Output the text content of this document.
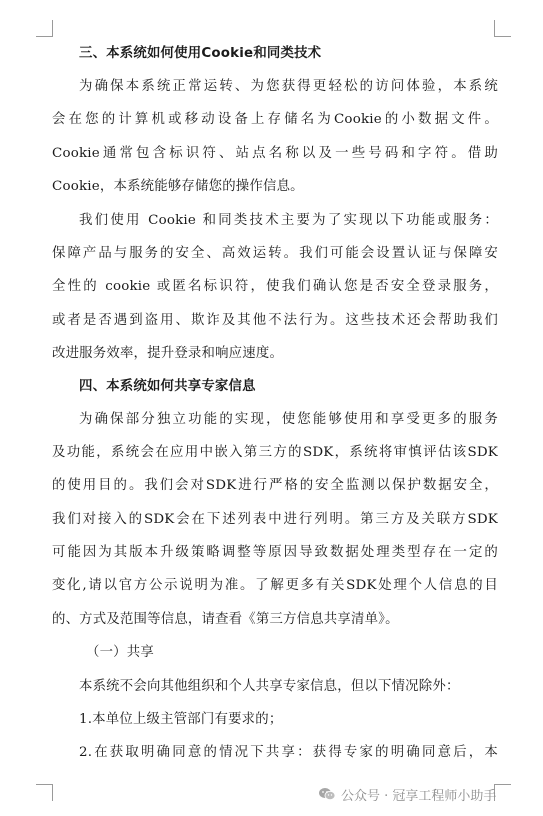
三、本系统如何使用Cookie和同类技术
为确保本系统正常运转、为您获得更轻松的访问体验，本系统
会在您的计算机或移动设备上存储名为Cookie的小数据文件。
Cookie通常包含标识符、站点名称以及一些号码和字符。借助
Cookie，本系统能够存储您的操作信息。
我们使用 Cookie 和同类技术主要为了实现以下功能或服务：
保障产品与服务的安全、高效运转。我们可能会设置认证与保障安
全性的 cookie 或匿名标识符，使我们确认您是否安全登录服务，
或者是否遇到盗用、欺诈及其他不法行为。这些技术还会帮助我们
改进服务效率，提升登录和响应速度。
四、本系统如何共享专家信息
为确保部分独立功能的实现，使您能够使用和享受更多的服务
及功能，系统会在应用中嵌入第三方的SDK，系统将审慎评估该SDK
的使用目的。我们会对SDK进行严格的安全监测以保护数据安全，
我们对接入的SDK会在下述列表中进行列明。第三方及关联方SDK
可能因为其版本升级策略调整等原因导致数据处理类型存在一定的
变化,请以官方公示说明为准。了解更多有关SDK处理个人信息的目
的、方式及范围等信息，请查看《第三方信息共享清单》。
（一）共享
本系统不会向其他组织和个人共享专家信息，但以下情况除外：
1.本单位上级主管部门有要求的；
2.在获取明确同意的情况下共享：获得专家的明确同意后，本
公众号 · 冠享工程师小助手
